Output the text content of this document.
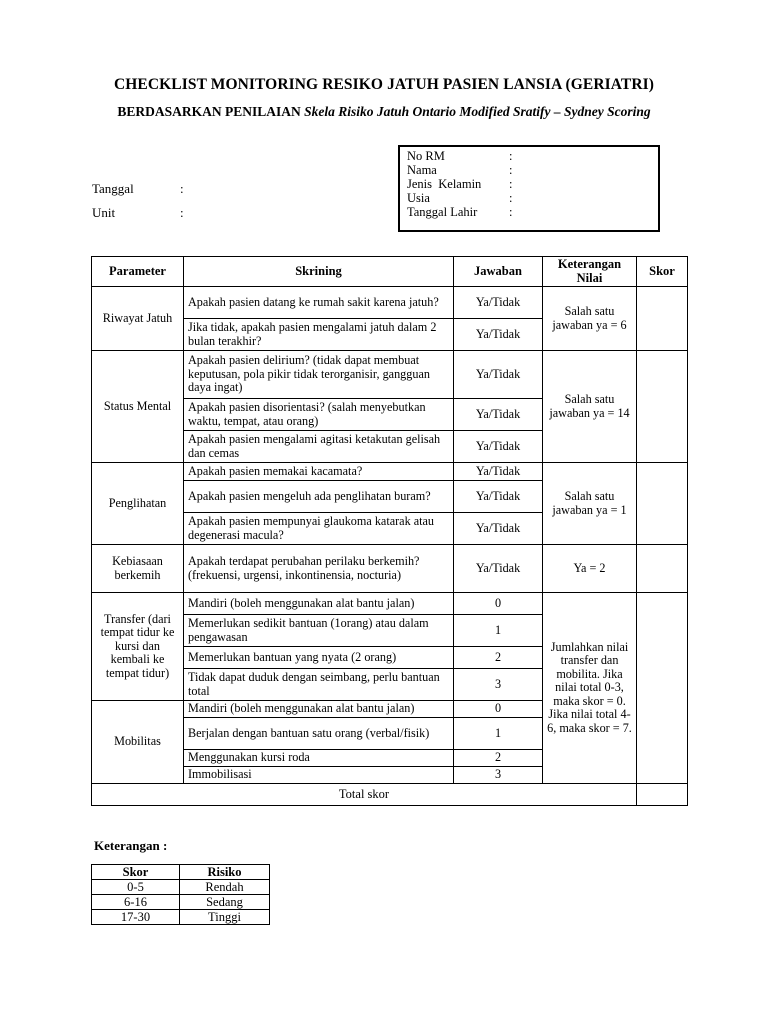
CHECKLIST MONITORING RESIKO JATUH PASIEN LANSIA (GERIATRI)
BERDASARKAN PENILAIAN Skela Risiko Jatuh Ontario Modified Sratify – Sydney Scoring
Tanggal	:
Unit	:
No RM	:
Nama	:
Jenis  Kelamin :
Usia	:
Tanggal Lahir	:
Parameter	Skrining	Jawaban	Keterangan Nilai	Skor
Riwayat Jatuh	Apakah pasien datang ke rumah sakit karena jatuh?	Ya/Tidak	Salah satu jawaban ya = 6	
	Jika tidak, apakah pasien mengalami jatuh dalam 2 bulan terakhir?	Ya/Tidak		
Status Mental	Apakah pasien delirium? (tidak dapat membuat keputusan, pola pikir tidak terorganisir, gangguan daya ingat)	Ya/Tidak	Salah satu jawaban ya = 14	
	Apakah pasien disorientasi? (salah menyebutkan waktu, tempat, atau orang)	Ya/Tidak		
	Apakah pasien mengalami agitasi ketakutan gelisah dan cemas	Ya/Tidak		
Penglihatan	Apakah pasien memakai kacamata?	Ya/Tidak	Salah satu jawaban ya = 1	
	Apakah pasien mengeluh ada penglihatan buram?	Ya/Tidak		
	Apakah pasien mempunyai glaukoma katarak atau degenerasi macula?	Ya/Tidak		
Kebiasaan berkemih	Apakah terdapat perubahan perilaku berkemih? (frekuensi, urgensi, inkontinensia, nocturia)	Ya/Tidak	Ya = 2	
Transfer (dari tempat tidur ke kursi dan kembali ke tempat tidur)	Mandiri (boleh menggunakan alat bantu jalan)	0	Jumlahkan nilai transfer dan mobilita. Jika nilai total 0-3, maka skor = 0. Jika nilai total 4-6, maka skor = 7.	
	Memerlukan sedikit bantuan (1orang) atau dalam pengawasan	1		
	Memerlukan bantuan yang nyata (2 orang)	2		
	Tidak dapat duduk dengan seimbang, perlu bantuan total	3		
Mobilitas	Mandiri (boleh menggunakan alat bantu jalan)	0		
	Berjalan dengan bantuan satu orang (verbal/fisik)	1		
	Menggunakan kursi roda	2		
	Immobilisasi	3		
Total skor				
Keterangan :
Skor	Risiko
0-5	Rendah
6-16	Sedang
17-30	Tinggi
